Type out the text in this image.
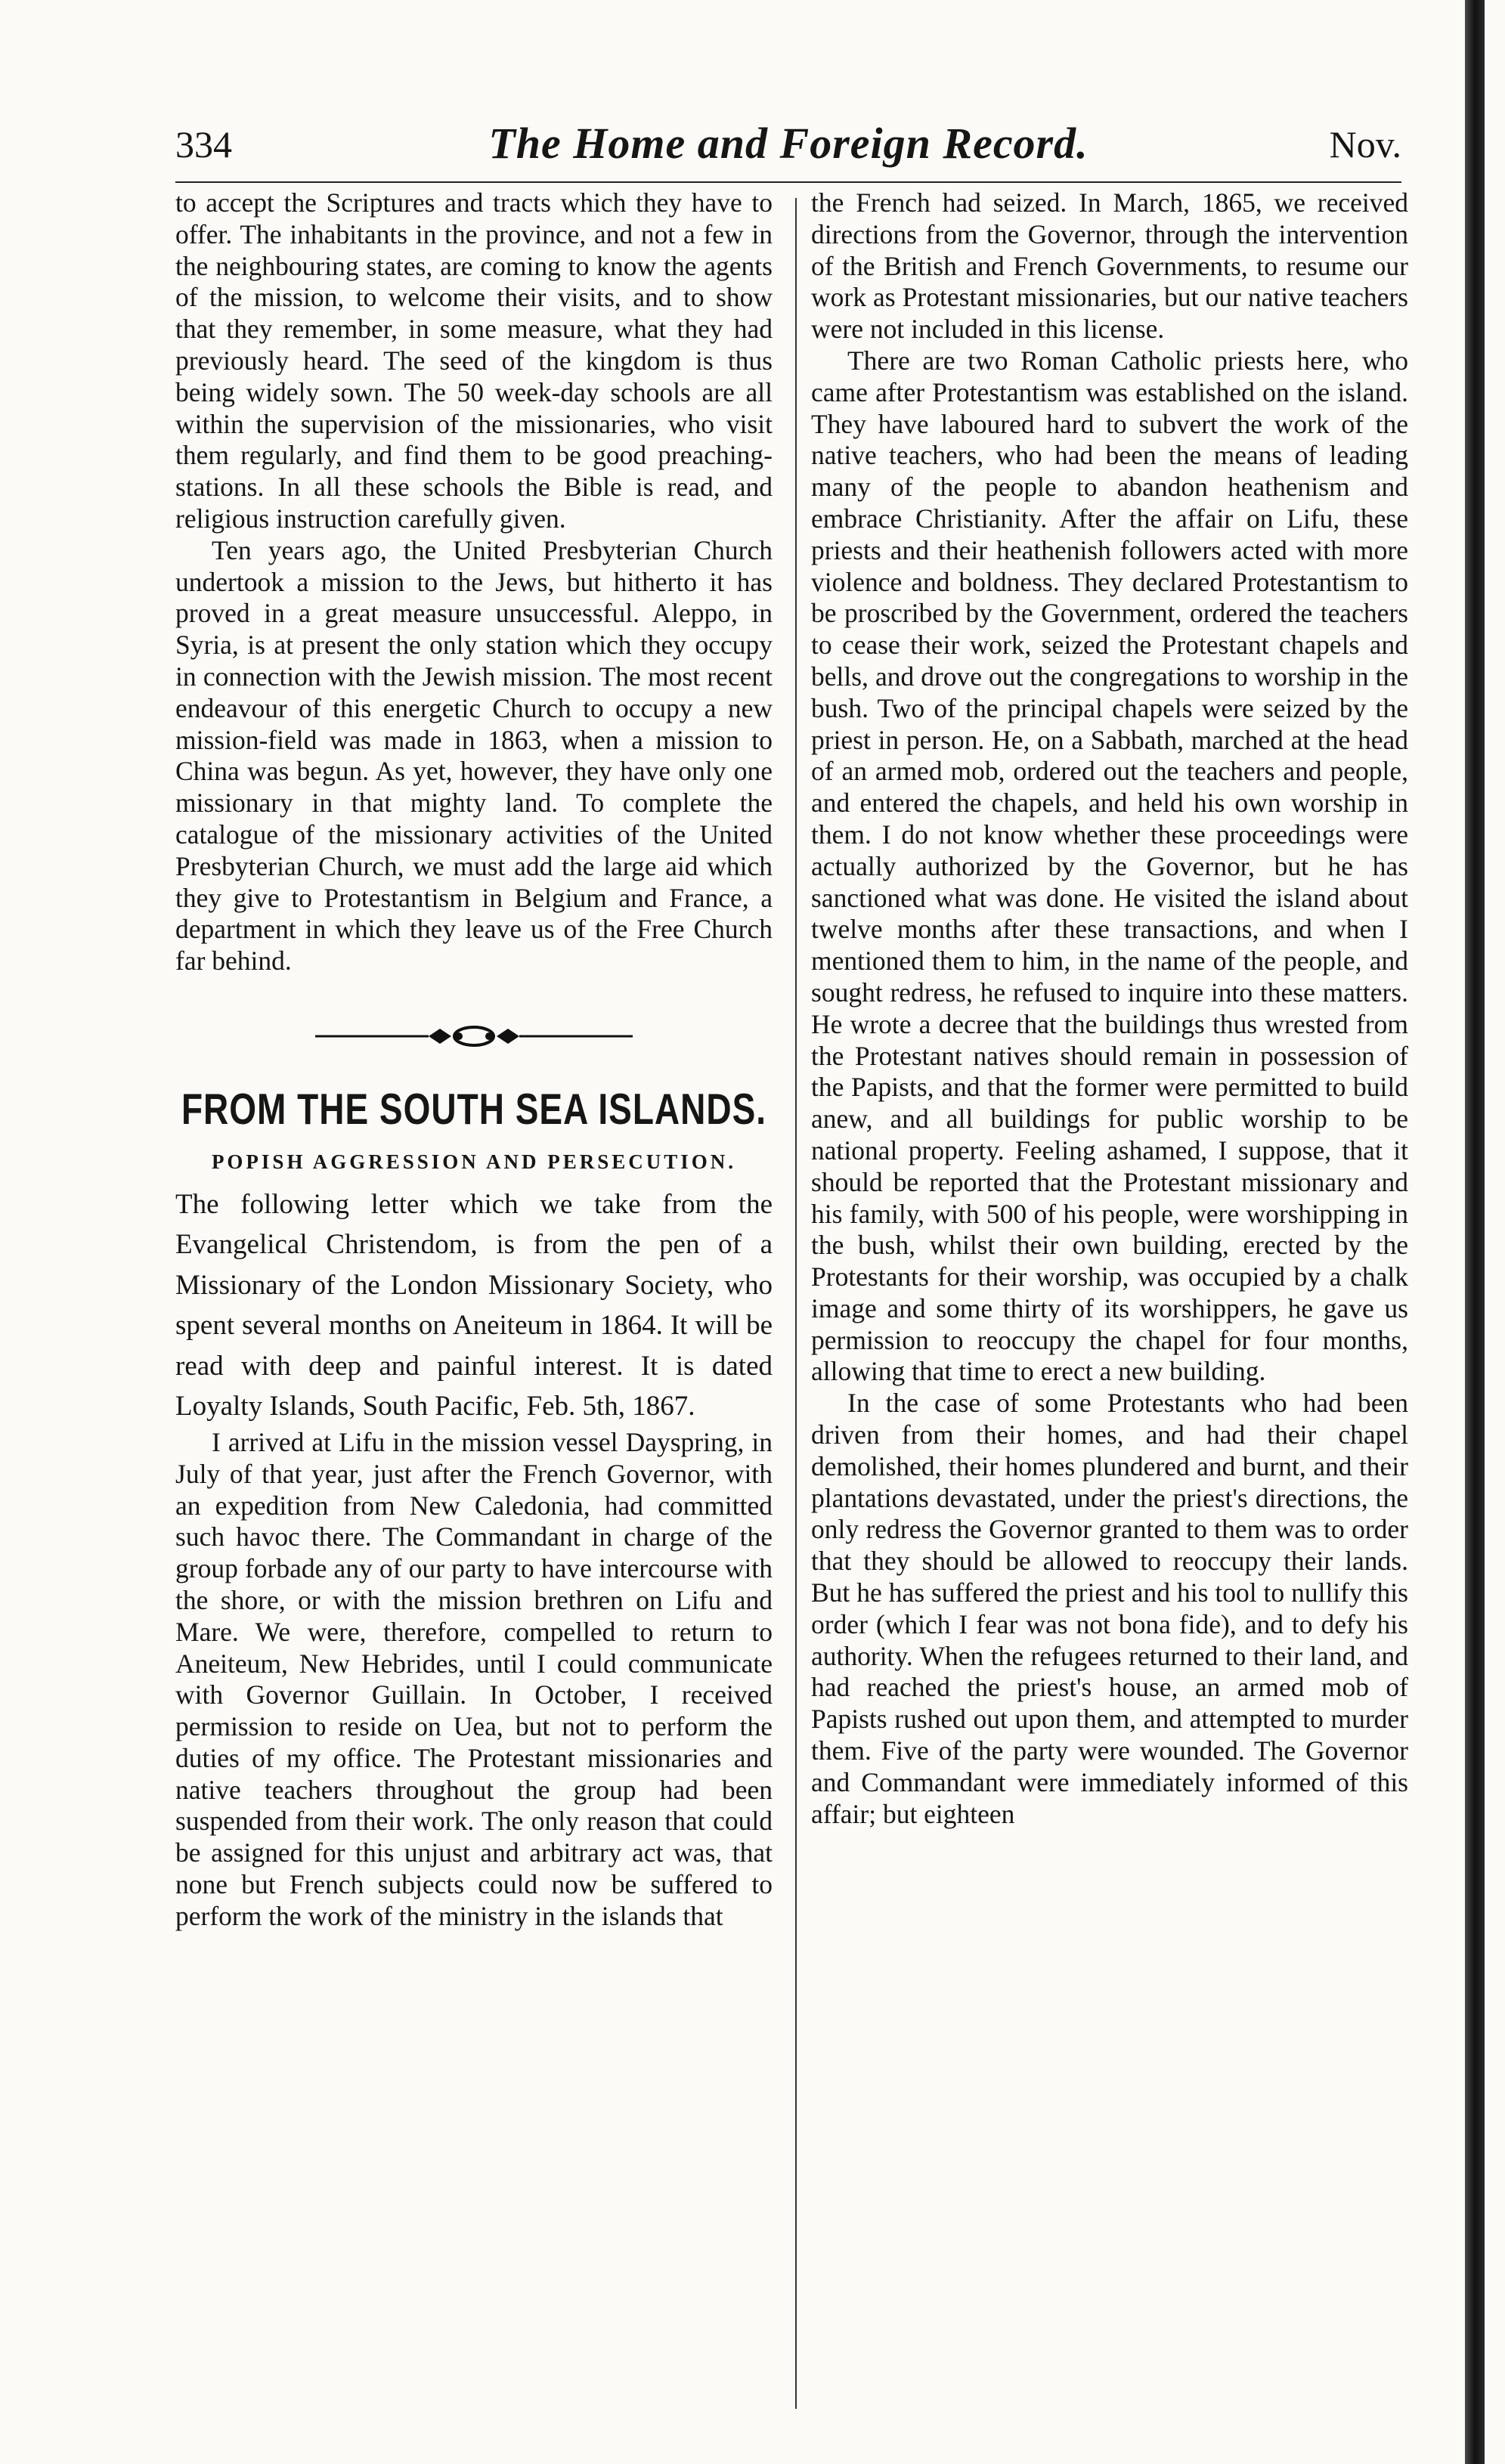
334	The Home and Foreign Record.	Nov.

to accept the Scriptures and tracts which they have to offer. The inhabitants in the province, and not a few in the neighbouring states, are coming to know the agents of the mission, to welcome their visits, and to show that they remember, in some measure, what they had previously heard. The seed of the kingdom is thus being widely sown. The 50 week-day schools are all within the supervision of the missionaries, who visit them regularly, and find them to be good preaching-stations. In all these schools the Bible is read, and religious instruction carefully given.

Ten years ago, the United Presbyterian Church undertook a mission to the Jews, but hitherto it has proved in a great measure unsuccessful. Aleppo, in Syria, is at present the only station which they occupy in connection with the Jewish mission. The most recent endeavour of this energetic Church to occupy a new mission-field was made in 1863, when a mission to China was begun. As yet, however, they have only one missionary in that mighty land. To complete the catalogue of the missionary activities of the United Presbyterian Church, we must add the large aid which they give to Protestantism in Belgium and France, a department in which they leave us of the Free Church far behind.

FROM THE SOUTH SEA ISLANDS.
POPISH AGGRESSION AND PERSECUTION.

The following letter which we take from the Evangelical Christendom, is from the pen of a Missionary of the London Missionary Society, who spent several months on Aneiteum in 1864. It will be read with deep and painful interest. It is dated Loyalty Islands, South Pacific, Feb. 5th, 1867.

I arrived at Lifu in the mission vessel Dayspring, in July of that year, just after the French Governor, with an expedition from New Caledonia, had committed such havoc there. The Commandant in charge of the group forbade any of our party to have intercourse with the shore, or with the mission brethren on Lifu and Mare. We were, therefore, compelled to return to Aneiteum, New Hebrides, until I could communicate with Governor Guillain. In October, I received permission to reside on Uea, but not to perform the duties of my office. The Protestant missionaries and native teachers throughout the group had been suspended from their work. The only reason that could be assigned for this unjust and arbitrary act was, that none but French subjects could now be suffered to perform the work of the ministry in the islands that

the French had seized. In March, 1865, we received directions from the Governor, through the intervention of the British and French Governments, to resume our work as Protestant missionaries, but our native teachers were not included in this license.

There are two Roman Catholic priests here, who came after Protestantism was established on the island. They have laboured hard to subvert the work of the native teachers, who had been the means of leading many of the people to abandon heathenism and embrace Christianity. After the affair on Lifu, these priests and their heathenish followers acted with more violence and boldness. They declared Protestantism to be proscribed by the Government, ordered the teachers to cease their work, seized the Protestant chapels and bells, and drove out the congregations to worship in the bush. Two of the principal chapels were seized by the priest in person. He, on a Sabbath, marched at the head of an armed mob, ordered out the teachers and people, and entered the chapels, and held his own worship in them. I do not know whether these proceedings were actually authorized by the Governor, but he has sanctioned what was done. He visited the island about twelve months after these transactions, and when I mentioned them to him, in the name of the people, and sought redress, he refused to inquire into these matters. He wrote a decree that the buildings thus wrested from the Protestant natives should remain in possession of the Papists, and that the former were permitted to build anew, and all buildings for public worship to be national property. Feeling ashamed, I suppose, that it should be reported that the Protestant missionary and his family, with 500 of his people, were worshipping in the bush, whilst their own building, erected by the Protestants for their worship, was occupied by a chalk image and some thirty of its worshippers, he gave us permission to reoccupy the chapel for four months, allowing that time to erect a new building.

In the case of some Protestants who had been driven from their homes, and had their chapel demolished, their homes plundered and burnt, and their plantations devastated, under the priest's directions, the only redress the Governor granted to them was to order that they should be allowed to reoccupy their lands. But he has suffered the priest and his tool to nullify this order (which I fear was not bona fide), and to defy his authority. When the refugees returned to their land, and had reached the priest's house, an armed mob of Papists rushed out upon them, and attempted to murder them. Five of the party were wounded. The Governor and Commandant were immediately informed of this affair; but eighteen
